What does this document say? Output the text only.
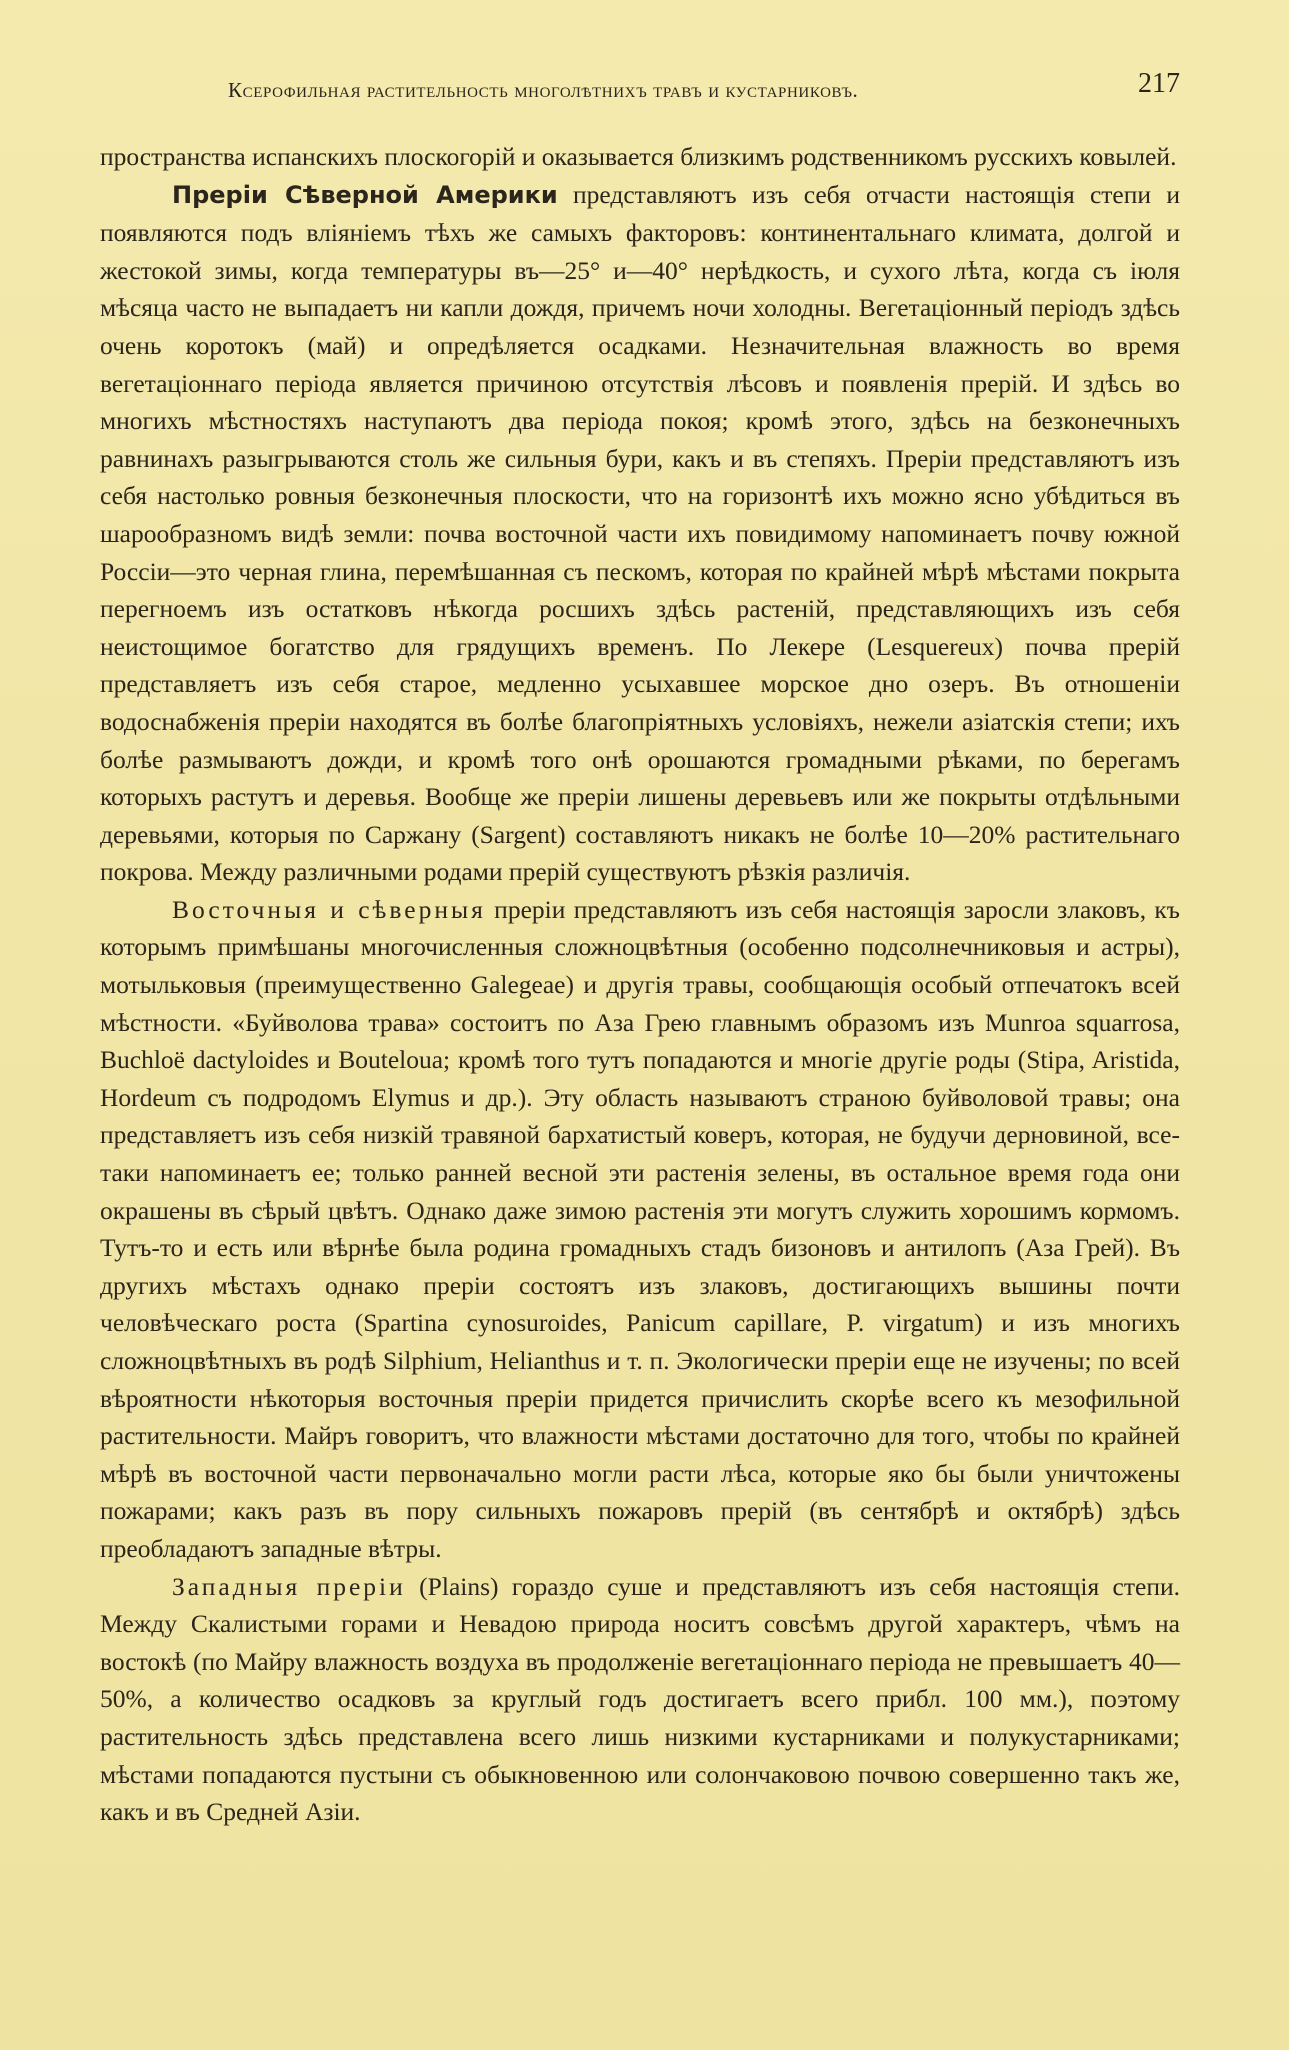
Ксерофильная растительность многолѣтнихъ травъ и кустарниковъ.	217

пространства испанскихъ плоскогорій и оказывается близкимъ родственникомъ русскихъ ковылей.

Преріи Сѣверной Америки представляютъ изъ себя отчасти настоящія степи и появляются подъ вліяніемъ тѣхъ же самыхъ факторовъ: континентальнаго климата, долгой и жестокой зимы, когда температуры въ—25° и—40° нерѣдкость, и сухого лѣта, когда съ іюля мѣсяца часто не выпадаетъ ни капли дождя, причемъ ночи холодны. Вегетаціонный періодъ здѣсь очень коротокъ (май) и опредѣляется осадками. Незначительная влажность во время вегетаціоннаго періода является причиною отсутствія лѣсовъ и появленія прерій. И здѣсь во многихъ мѣстностяхъ наступаютъ два періода покоя; кромѣ этого, здѣсь на безконечныхъ равнинахъ разыгрываются столь же сильныя бури, какъ и въ степяхъ. Преріи представляютъ изъ себя настолько ровныя безконечныя плоскости, что на горизонтѣ ихъ можно ясно убѣдиться въ шарообразномъ видѣ земли: почва восточной части ихъ повидимому напоминаетъ почву южной Россіи—это черная глина, перемѣшанная съ пескомъ, которая по крайней мѣрѣ мѣстами покрыта перегноемъ изъ остатковъ нѣкогда росшихъ здѣсь растеній, представляющихъ изъ себя неистощимое богатство для грядущихъ временъ. По Лекере (Lesquereux) почва прерій представляетъ изъ себя старое, медленно усыхавшее морское дно озеръ. Въ отношеніи водоснабженія преріи находятся въ болѣе благопріятныхъ условіяхъ, нежели азіатскія степи; ихъ болѣе размываютъ дожди, и кромѣ того онѣ орошаются громадными рѣками, по берегамъ которыхъ растутъ и деревья. Вообще же преріи лишены деревьевъ или же покрыты отдѣльными деревьями, которыя по Саржану (Sargent) составляютъ никакъ не болѣе 10—20% растительнаго покрова. Между различными родами прерій существуютъ рѣзкія различія.

Восточныя и сѣверныя преріи представляютъ изъ себя настоящія заросли злаковъ, къ которымъ примѣшаны многочисленныя сложноцвѣтныя (особенно подсолнечниковыя и астры), мотыльковыя (преимущественно Galegeae) и другія травы, сообщающія особый отпечатокъ всей мѣстности. «Буйволова трава» состоитъ по Аза Грею главнымъ образомъ изъ Munroa squarrosa, Buchloë dactyloides и Bouteloua; кромѣ того тутъ попадаются и многіе другіе роды (Stipa, Aristida, Hordeum съ подродомъ Elymus и др.). Эту область называютъ страною буйволовой травы; она представляетъ изъ себя низкій травяной бархатистый коверъ, которая, не будучи дерновиной, все-таки напоминаетъ ее; только ранней весной эти растенія зелены, въ остальное время года они окрашены въ сѣрый цвѣтъ. Однако даже зимою растенія эти могутъ служить хорошимъ кормомъ. Тутъ-то и есть или вѣрнѣе была родина громадныхъ стадъ бизоновъ и антилопъ (Аза Грей). Въ другихъ мѣстахъ однако преріи состоятъ изъ злаковъ, достигающихъ вышины почти человѣческаго роста (Spartina cynosuroides, Panicum capillare, P. virgatum) и изъ многихъ сложноцвѣтныхъ въ родѣ Silphium, Helianthus и т. п. Экологически преріи еще не изучены; по всей вѣроятности нѣкоторыя восточныя преріи придется причислить скорѣе всего къ мезофильной растительности. Майръ говоритъ, что влажности мѣстами достаточно для того, чтобы по крайней мѣрѣ въ восточной части первоначально могли расти лѣса, которые яко бы были уничтожены пожарами; какъ разъ въ пору сильныхъ пожаровъ прерій (въ сентябрѣ и октябрѣ) здѣсь преобладаютъ западные вѣтры.

Западныя преріи (Plains) гораздо суше и представляютъ изъ себя настоящія степи. Между Скалистыми горами и Невадою природа носитъ совсѣмъ другой характеръ, чѣмъ на востокѣ (по Майру влажность воздуха въ продолженіе вегетаціоннаго періода не превышаетъ 40—50%, а количество осадковъ за круглый годъ достигаетъ всего прибл. 100 мм.), поэтому растительность здѣсь представлена всего лишь низкими кустарниками и полукустарниками; мѣстами попадаются пустыни съ обыкновенною или солончаковою почвою совершенно такъ же, какъ и въ Средней Азіи.
